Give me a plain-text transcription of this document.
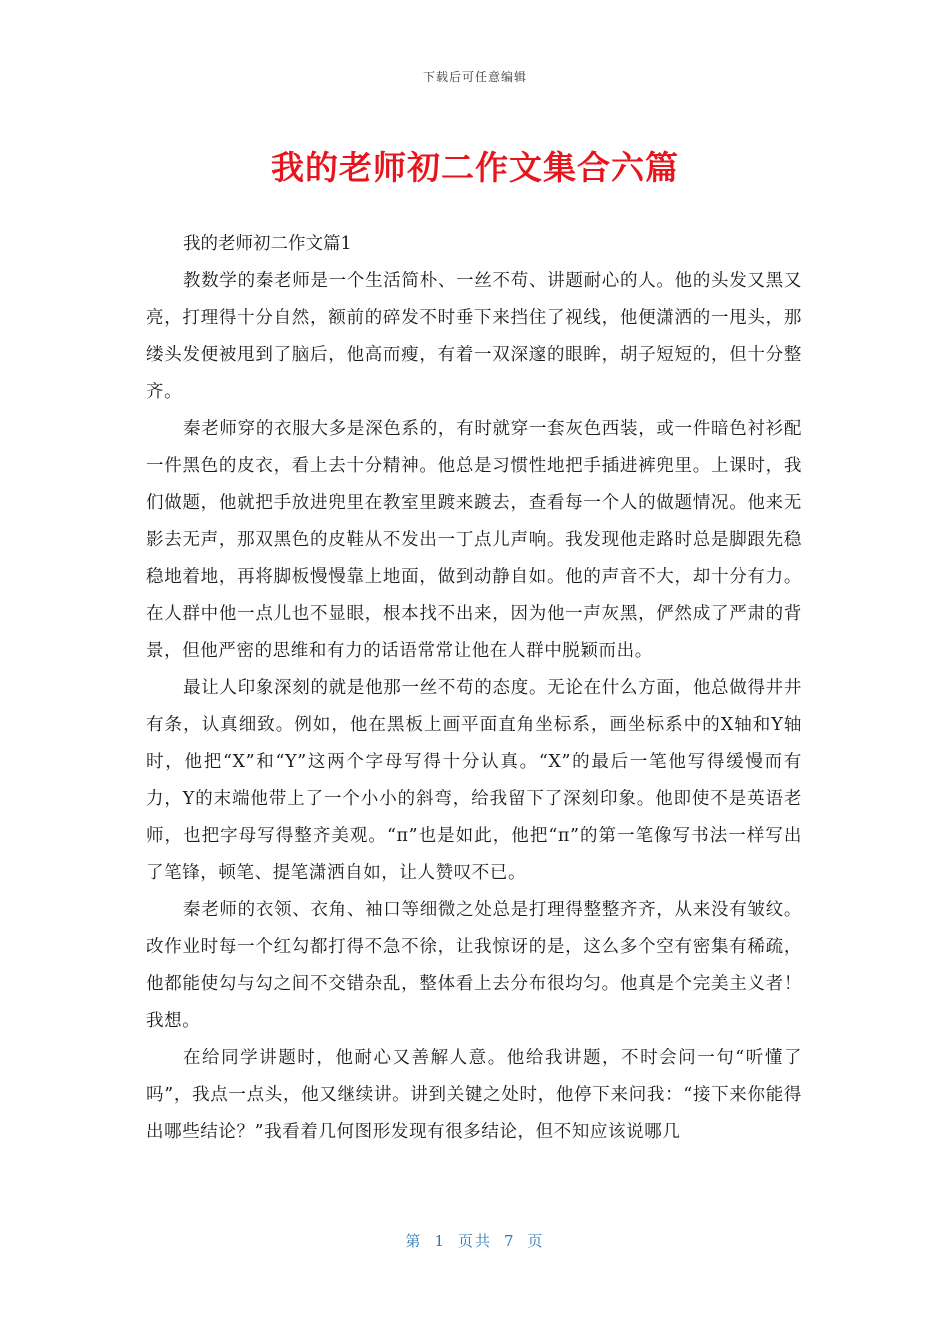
下载后可任意编辑
我的老师初二作文集合六篇

我的老师初二作文篇1

教数学的秦老师是一个生活简朴、一丝不苟、讲题耐心的人。他的头发又黑又亮，打理得十分自然，额前的碎发不时垂下来挡住了视线，他便潇洒的一甩头，那缕头发便被甩到了脑后，他高而瘦，有着一双深邃的眼眸，胡子短短的，但十分整齐。

秦老师穿的衣服大多是深色系的，有时就穿一套灰色西装，或一件暗色衬衫配一件黑色的皮衣，看上去十分精神。他总是习惯性地把手插进裤兜里。上课时，我们做题，他就把手放进兜里在教室里踱来踱去，查看每一个人的做题情况。他来无影去无声，那双黑色的皮鞋从不发出一丁点儿声响。我发现他走路时总是脚跟先稳稳地着地，再将脚板慢慢靠上地面，做到动静自如。他的声音不大，却十分有力。在人群中他一点儿也不显眼，根本找不出来，因为他一声灰黑，俨然成了严肃的背景，但他严密的思维和有力的话语常常让他在人群中脱颖而出。

最让人印象深刻的就是他那一丝不苟的态度。无论在什么方面，他总做得井井有条，认真细致。例如，他在黑板上画平面直角坐标系，画坐标系中的X轴和Y轴时，他把“X”和“Y”这两个字母写得十分认真。“X”的最后一笔他写得缓慢而有力，Y的末端他带上了一个小小的斜弯，给我留下了深刻印象。他即使不是英语老师，也把字母写得整齐美观。“π”也是如此，他把“π”的第一笔像写书法一样写出了笔锋，顿笔、提笔潇洒自如，让人赞叹不已。

秦老师的衣领、衣角、袖口等细微之处总是打理得整整齐齐，从来没有皱纹。改作业时每一个红勾都打得不急不徐，让我惊讶的是，这么多个空有密集有稀疏，他都能使勾与勾之间不交错杂乱，整体看上去分布很均匀。他真是个完美主义者！我想。

在给同学讲题时，他耐心又善解人意。他给我讲题，不时会问一句“听懂了吗”，我点一点头，他又继续讲。讲到关键之处时，他停下来问我：“接下来你能得出哪些结论？”我看着几何图形发现有很多结论，但不知应该说哪几

第 1 页共 7 页
